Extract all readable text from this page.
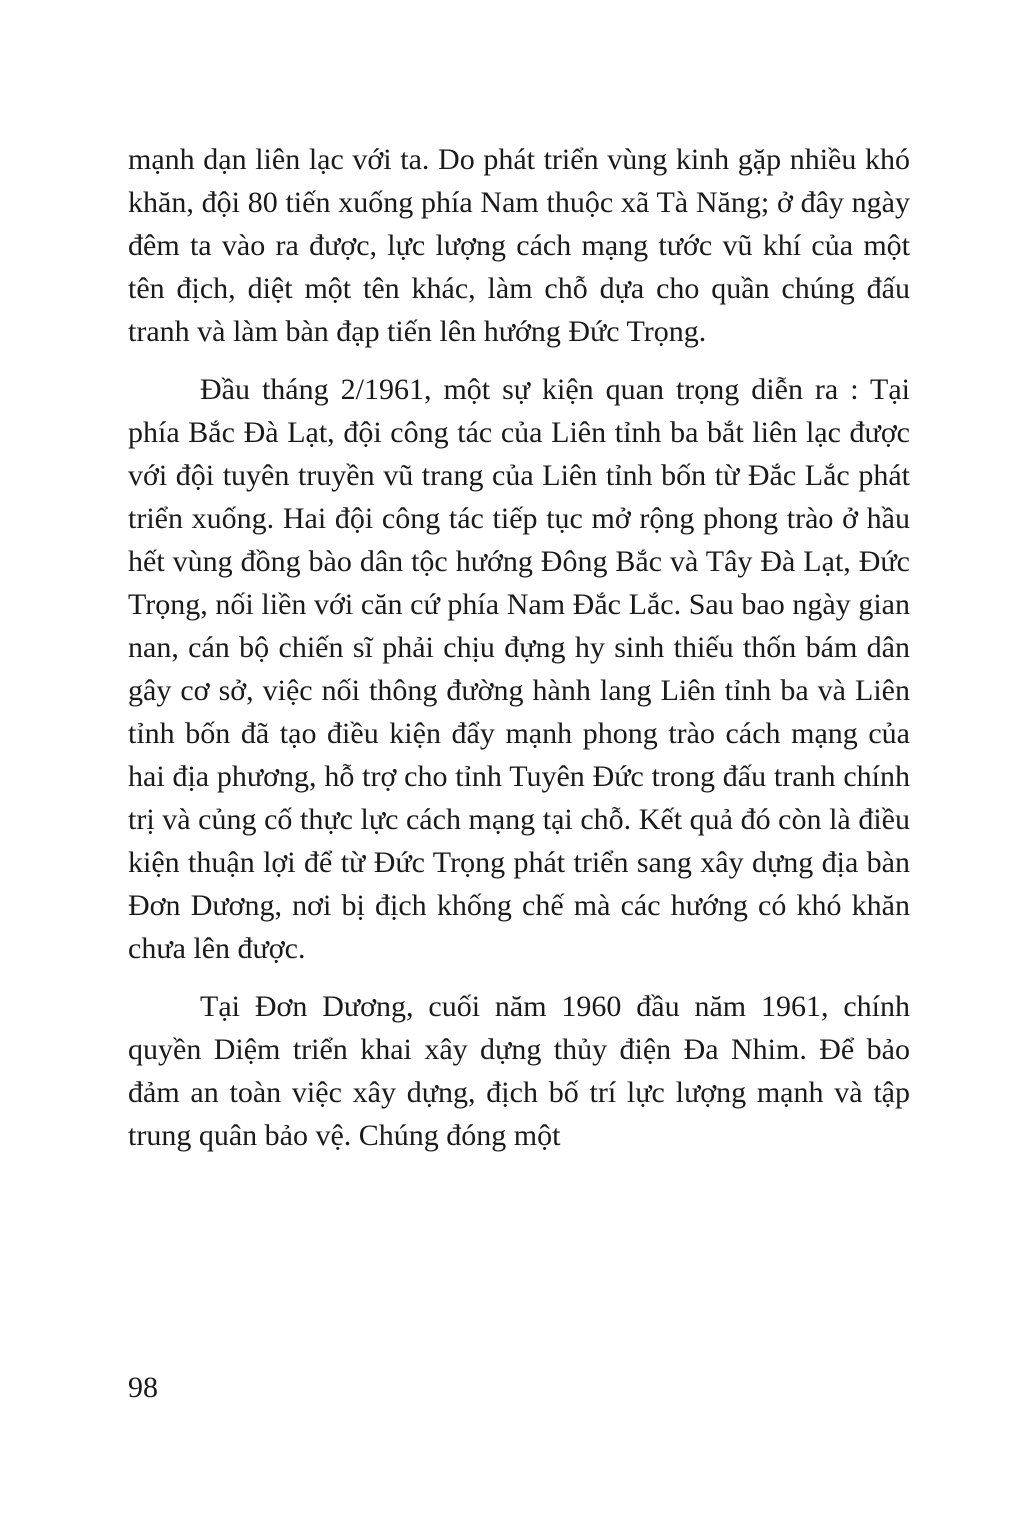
mạnh dạn liên lạc với ta. Do phát triển vùng kinh gặp nhiều khó khăn, đội 80 tiến xuống phía Nam thuộc xã Tà Năng; ở đây ngày đêm ta vào ra được, lực lượng cách mạng tước vũ khí của một tên địch, diệt một tên khác, làm chỗ dựa cho quần chúng đấu tranh và làm bàn đạp tiến lên hướng Đức Trọng.

Đầu tháng 2/1961, một sự kiện quan trọng diễn ra : Tại phía Bắc Đà Lạt, đội công tác của Liên tỉnh ba bắt liên lạc được với đội tuyên truyền vũ trang của Liên tỉnh bốn từ Đắc Lắc phát triển xuống. Hai đội công tác tiếp tục mở rộng phong trào ở hầu hết vùng đồng bào dân tộc hướng Đông Bắc và Tây Đà Lạt, Đức Trọng, nối liền với căn cứ phía Nam Đắc Lắc. Sau bao ngày gian nan, cán bộ chiến sĩ phải chịu đựng hy sinh thiếu thốn bám dân gây cơ sở, việc nối thông đường hành lang Liên tỉnh ba và Liên tỉnh bốn đã tạo điều kiện đẩy mạnh phong trào cách mạng của hai địa phương, hỗ trợ cho tỉnh Tuyên Đức trong đấu tranh chính trị và củng cố thực lực cách mạng tại chỗ. Kết quả đó còn là điều kiện thuận lợi để từ Đức Trọng phát triển sang xây dựng địa bàn Đơn Dương, nơi bị địch khống chế mà các hướng có khó khăn chưa lên được.

Tại Đơn Dương, cuối năm 1960 đầu năm 1961, chính quyền Diệm triển khai xây dựng thủy điện Đa Nhim. Để bảo đảm an toàn việc xây dựng, địch bố trí lực lượng mạnh và tập trung quân bảo vệ. Chúng đóng một

98
